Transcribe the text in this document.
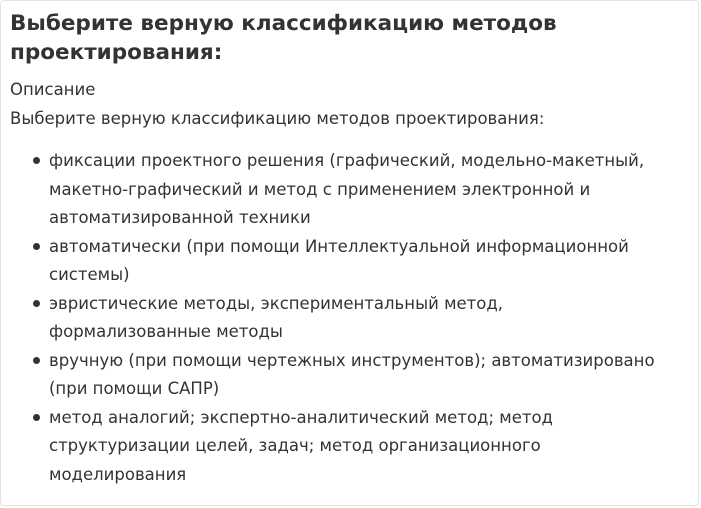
Выберите верную классификацию методов проектирования:

Описание

Выберите верную классификацию методов проектирования:

фиксации проектного решения (графический, модельно-макетный, макетно-графический и метод с применением электронной и автоматизированной техники
автоматически (при помощи Интеллектуальной информационной системы)
эвристические методы, экспериментальный метод, формализованные методы
вручную (при помощи чертежных инструментов); автоматизировано (при помощи САПР)
метод аналогий; экспертно-аналитический метод; метод структуризации целей, задач; метод организационного моделирования
